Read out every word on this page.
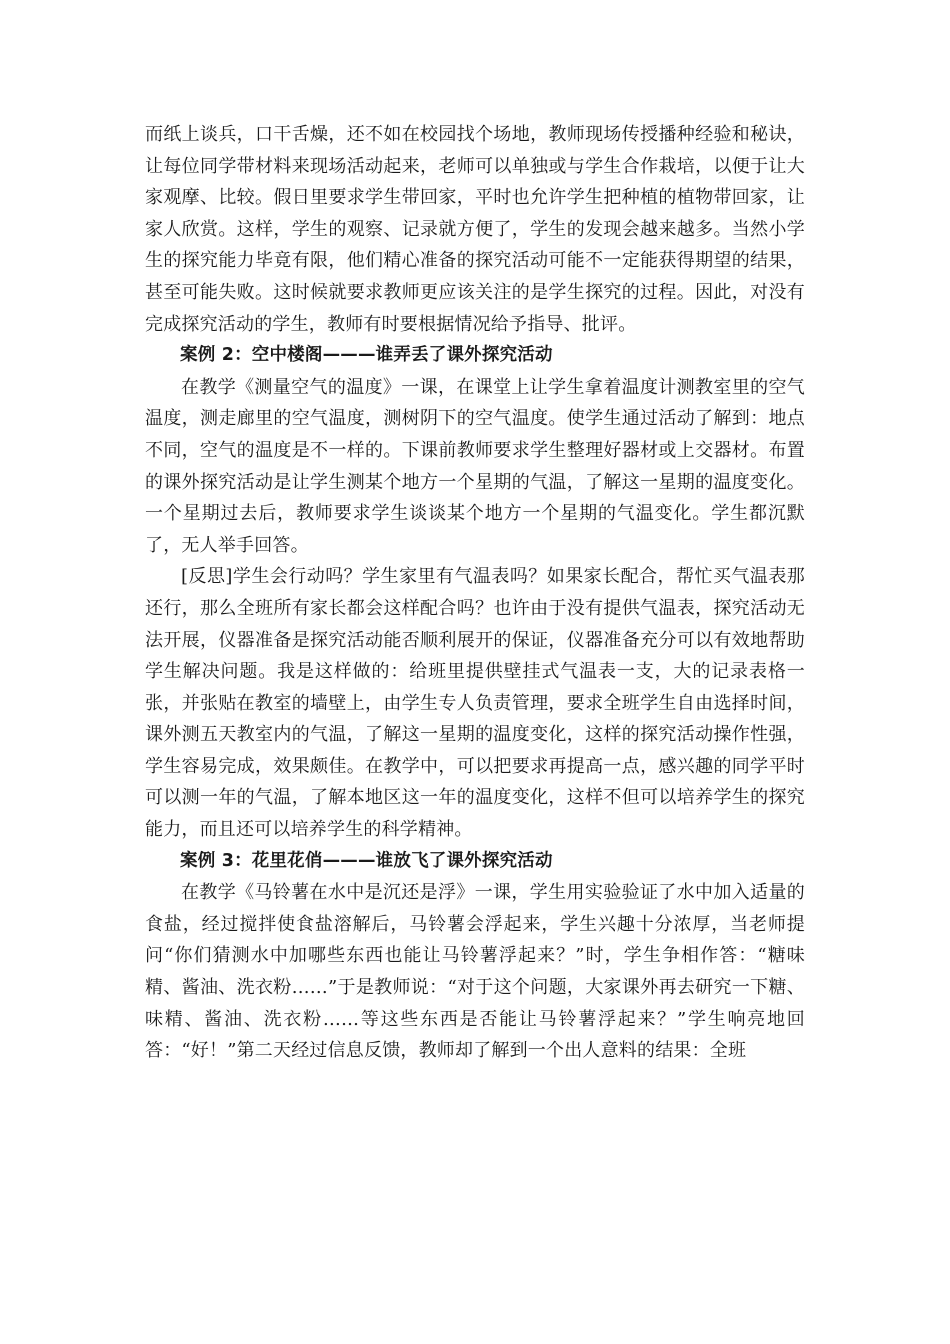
而纸上谈兵，口干舌燥，还不如在校园找个场地，教师现场传授播种经验和秘诀，让每位同学带材料来现场活动起来，老师可以单独或与学生合作栽培，以便于让大家观摩、比较。假日里要求学生带回家，平时也允许学生把种植的植物带回家，让家人欣赏。这样，学生的观察、记录就方便了，学生的发现会越来越多。当然小学生的探究能力毕竟有限，他们精心准备的探究活动可能不一定能获得期望的结果，甚至可能失败。这时候就要求教师更应该关注的是学生探究的过程。因此，对没有完成探究活动的学生，教师有时要根据情况给予指导、批评。

案例 2：空中楼阁———谁弄丢了课外探究活动

在教学《测量空气的温度》一课，在课堂上让学生拿着温度计测教室里的空气温度，测走廊里的空气温度，测树阴下的空气温度。使学生通过活动了解到：地点不同，空气的温度是不一样的。下课前教师要求学生整理好器材或上交器材。布置的课外探究活动是让学生测某个地方一个星期的气温，了解这一星期的温度变化。一个星期过去后，教师要求学生谈谈某个地方一个星期的气温变化。学生都沉默了，无人举手回答。

[反思]学生会行动吗？学生家里有气温表吗？如果家长配合，帮忙买气温表那还行，那么全班所有家长都会这样配合吗？也许由于没有提供气温表，探究活动无法开展，仪器准备是探究活动能否顺利展开的保证，仪器准备充分可以有效地帮助学生解决问题。我是这样做的：给班里提供壁挂式气温表一支，大的记录表格一张，并张贴在教室的墙壁上，由学生专人负责管理，要求全班学生自由选择时间，课外测五天教室内的气温，了解这一星期的温度变化，这样的探究活动操作性强，学生容易完成，效果颇佳。在教学中，可以把要求再提高一点，感兴趣的同学平时可以测一年的气温，了解本地区这一年的温度变化，这样不但可以培养学生的探究能力，而且还可以培养学生的科学精神。

案例 3：花里花俏———谁放飞了课外探究活动

在教学《马铃薯在水中是沉还是浮》一课，学生用实验验证了水中加入适量的食盐，经过搅拌使食盐溶解后，马铃薯会浮起来，学生兴趣十分浓厚，当老师提问“你们猜测水中加哪些东西也能让马铃薯浮起来？”时，学生争相作答：“糖味精、酱油、洗衣粉……”于是教师说：“对于这个问题，大家课外再去研究一下糖、味精、酱油、洗衣粉……等这些东西是否能让马铃薯浮起来？”学生响亮地回答：“好！”第二天经过信息反馈，教师却了解到一个出人意料的结果：全班
